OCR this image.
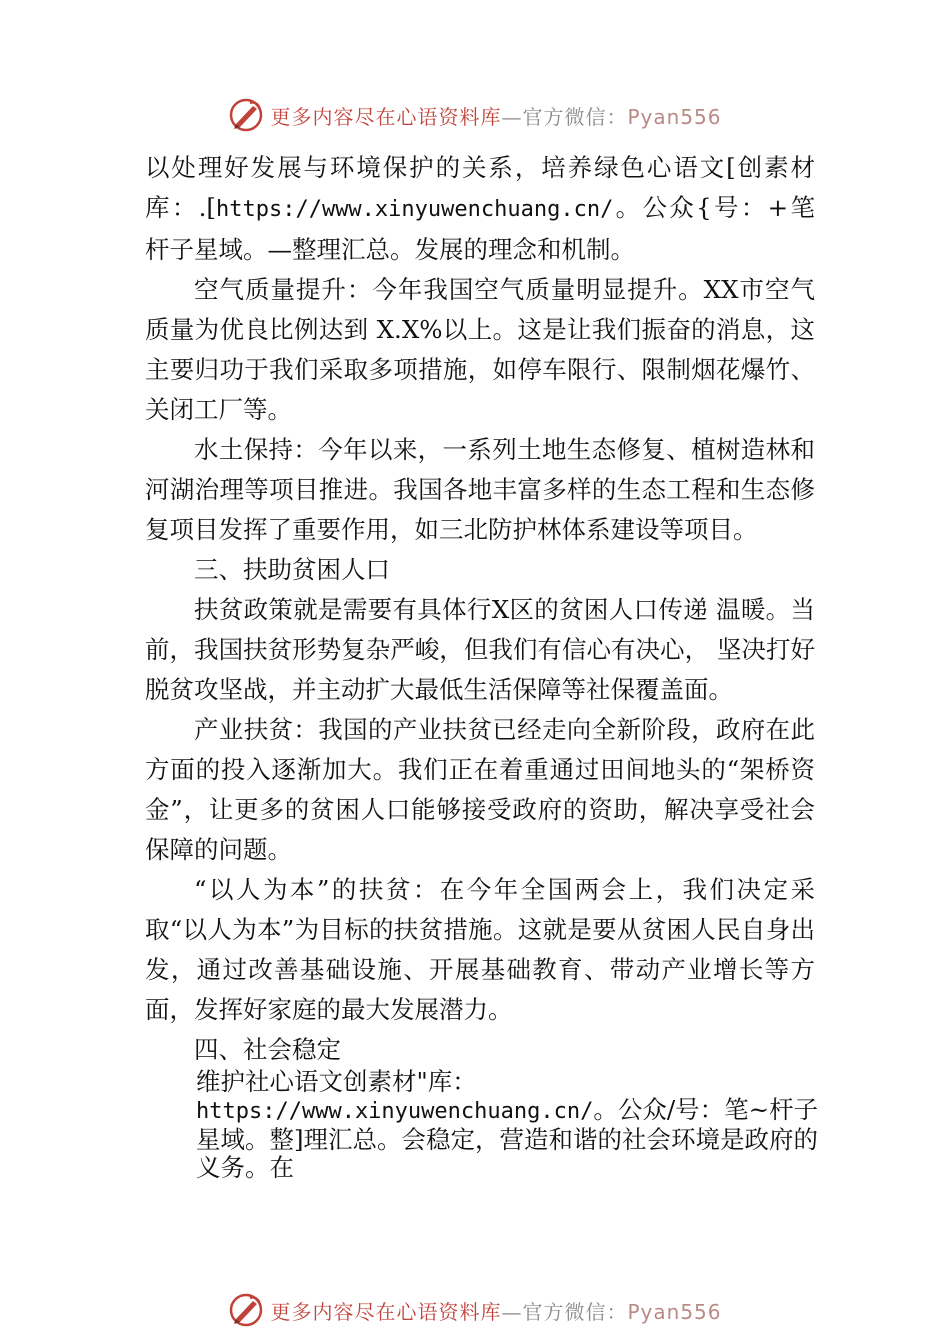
更多内容尽在心语资料库—官方微信：Pyan556

以处理好发展与环境保护的关系，培养绿色心语文[创素材库：.[https://www.xinyuwenchuang.cn/。公众{号：+笔杆子星域。—整理汇总。发展的理念和机制。

空气质量提升：今年我国空气质量明显提升。XX市空气质量为优良比例达到 X.X%以上。这是让我们振奋的消息，这主要归功于我们采取多项措施，如停车限行、限制烟花爆竹、关闭工厂等。

水土保持：今年以来，一系列土地生态修复、植树造林和河湖治理等项目推进。我国各地丰富多样的生态工程和生态修复项目发挥了重要作用，如三北防护林体系建设等项目。

三、扶助贫困人口

扶贫政策就是需要有具体行X区的贫困人口传递 温暖。当前，我国扶贫形势复杂严峻，但我们有信心有决心， 坚决打好脱贫攻坚战，并主动扩大最低生活保障等社保覆盖面。

产业扶贫：我国的产业扶贫已经走向全新阶段，政府在此方面的投入逐渐加大。我们正在着重通过田间地头的“架桥资金”，让更多的贫困人口能够接受政府的资助，解决享受社会保障的问题。

“以人为本”的扶贫：在今年全国两会上，我们决定采取“以人为本”为目标的扶贫措施。这就是要从贫困人民自身出发，通过改善基础设施、开展基础教育、带动产业增长等方面，发挥好家庭的最大发展潜力。

四、社会稳定

维护社心语文创素材"库：https://www.xinyuwenchuang.cn/。公众/号：笔~杆子星域。整]理汇总。会稳定，营造和谐的社会环境是政府的义务。在
更多内容尽在心语资料库—官方微信：Pyan556
